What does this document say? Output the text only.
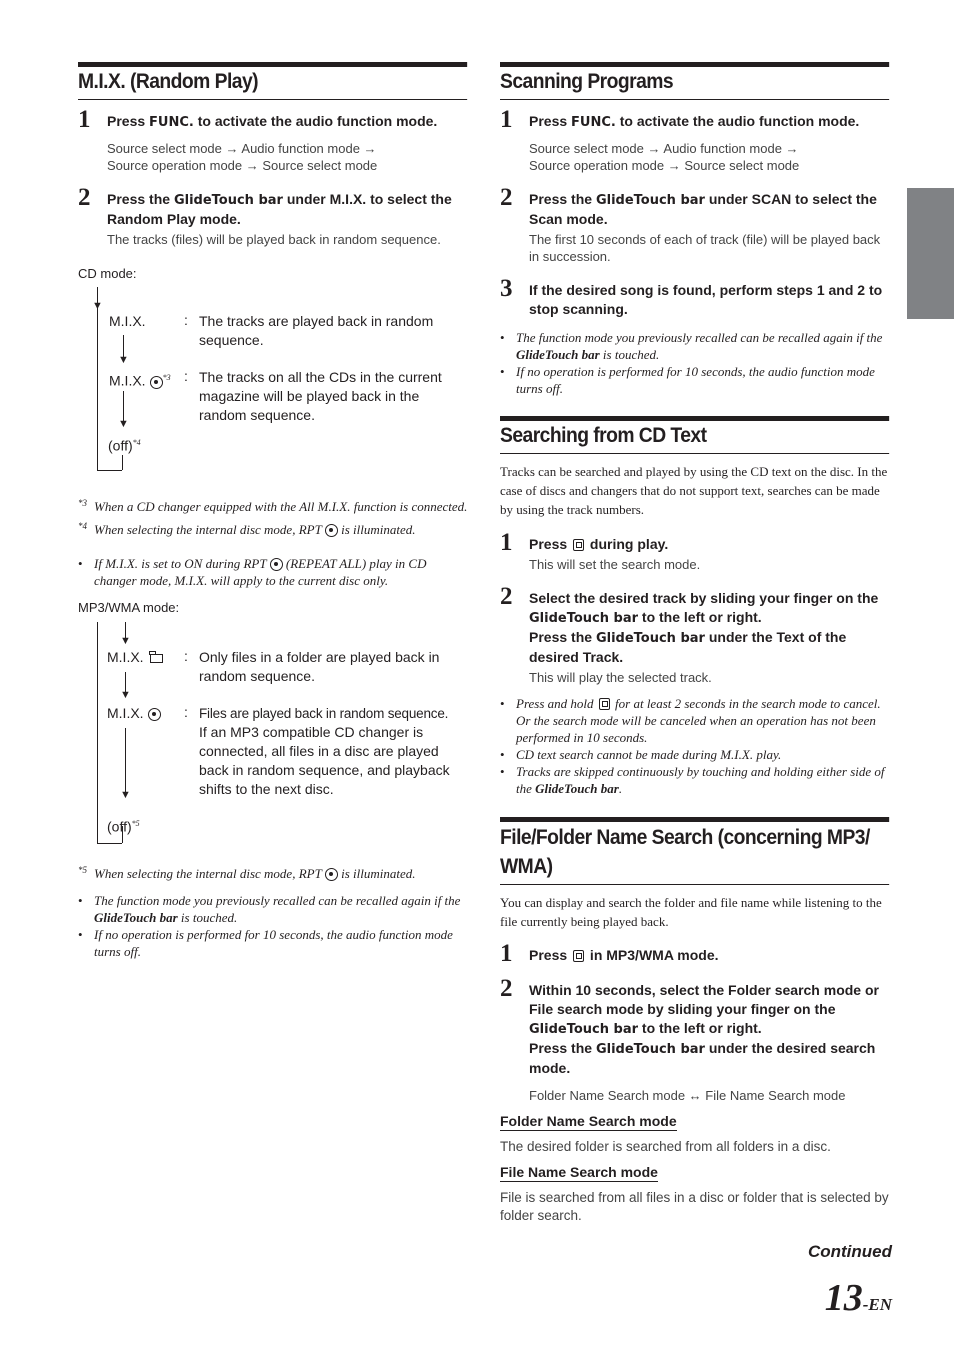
M.I.X. (Random Play)
1 Press FUNC. to activate the audio function mode.
Source select mode → Audio function mode →
Source operation mode → Source select mode
2 Press the GlideTouch bar under M.I.X. to select the Random Play mode.
The tracks (files) will be played back in random sequence.
CD mode:
▼
M.I.X.	: The tracks are played back in random sequence.
▼
M.I.X. $^{*3}$ : The tracks on all the CDs in the current magazine will be played back in the random sequence.
▼
(off)$^{*4}$
*3 When a CD changer equipped with the All M.I.X. function is connected.
*4 When selecting the internal disc mode, RPT  is illuminated.
• If M.I.X. is set to ON during RPT  (REPEAT ALL) play in CD changer mode, M.I.X. will apply to the current disc only.
MP3/WMA mode:
▼
M.I.X.	: Only files in a folder are played back in random sequence.
▼
M.I.X.	: Files are played back in random sequence.
If an MP3 compatible CD changer is connected, all files in a disc are played back in random sequence, and playback shifts to the next disc.
▼
(off)$^{*5}$
*5 When selecting the internal disc mode, RPT  is illuminated.
• The function mode you previously recalled can be recalled again if the GlideTouch bar is touched.
• If no operation is performed for 10 seconds, the audio function mode turns off.
Scanning Programs
1 Press FUNC. to activate the audio function mode.
Source select mode → Audio function mode →
Source operation mode → Source select mode
2 Press the GlideTouch bar under SCAN to select the Scan mode.
The first 10 seconds of each of track (file) will be played back in succession.
3 If the desired song is found, perform steps 1 and 2 to stop scanning.
• The function mode you previously recalled can be recalled again if the GlideTouch bar is touched.
• If no operation is performed for 10 seconds, the audio function mode turns off.
Searching from CD Text
Tracks can be searched and played by using the CD text on the disc. In the case of discs and changers that do not support text, searches can be made by using the track numbers.
1 Press  during play.
This will set the search mode.
2 Select the desired track by sliding your finger on the GlideTouch bar to the left or right.
Press the GlideTouch bar under the Text of the desired Track.
This will play the selected track.
• Press and hold  for at least 2 seconds in the search mode to cancel. Or the search mode will be canceled when an operation has not been performed in 10 seconds.
• CD text search cannot be made during M.I.X. play.
• Tracks are skipped continuously by touching and holding either side of the GlideTouch bar.
File/Folder Name Search (concerning MP3/ WMA)
You can display and search the folder and file name while listening to the file currently being played back.
1 Press  in MP3/WMA mode.
2 Within 10 seconds, select the Folder search mode or File search mode by sliding your finger on the GlideTouch bar to the left or right.
Press the GlideTouch bar under the desired search mode.
Folder Name Search mode ↔ File Name Search mode
Folder Name Search mode
The desired folder is searched from all folders in a disc.
File Name Search mode
File is searched from all files in a disc or folder that is selected by folder search.
Continued
13-EN
